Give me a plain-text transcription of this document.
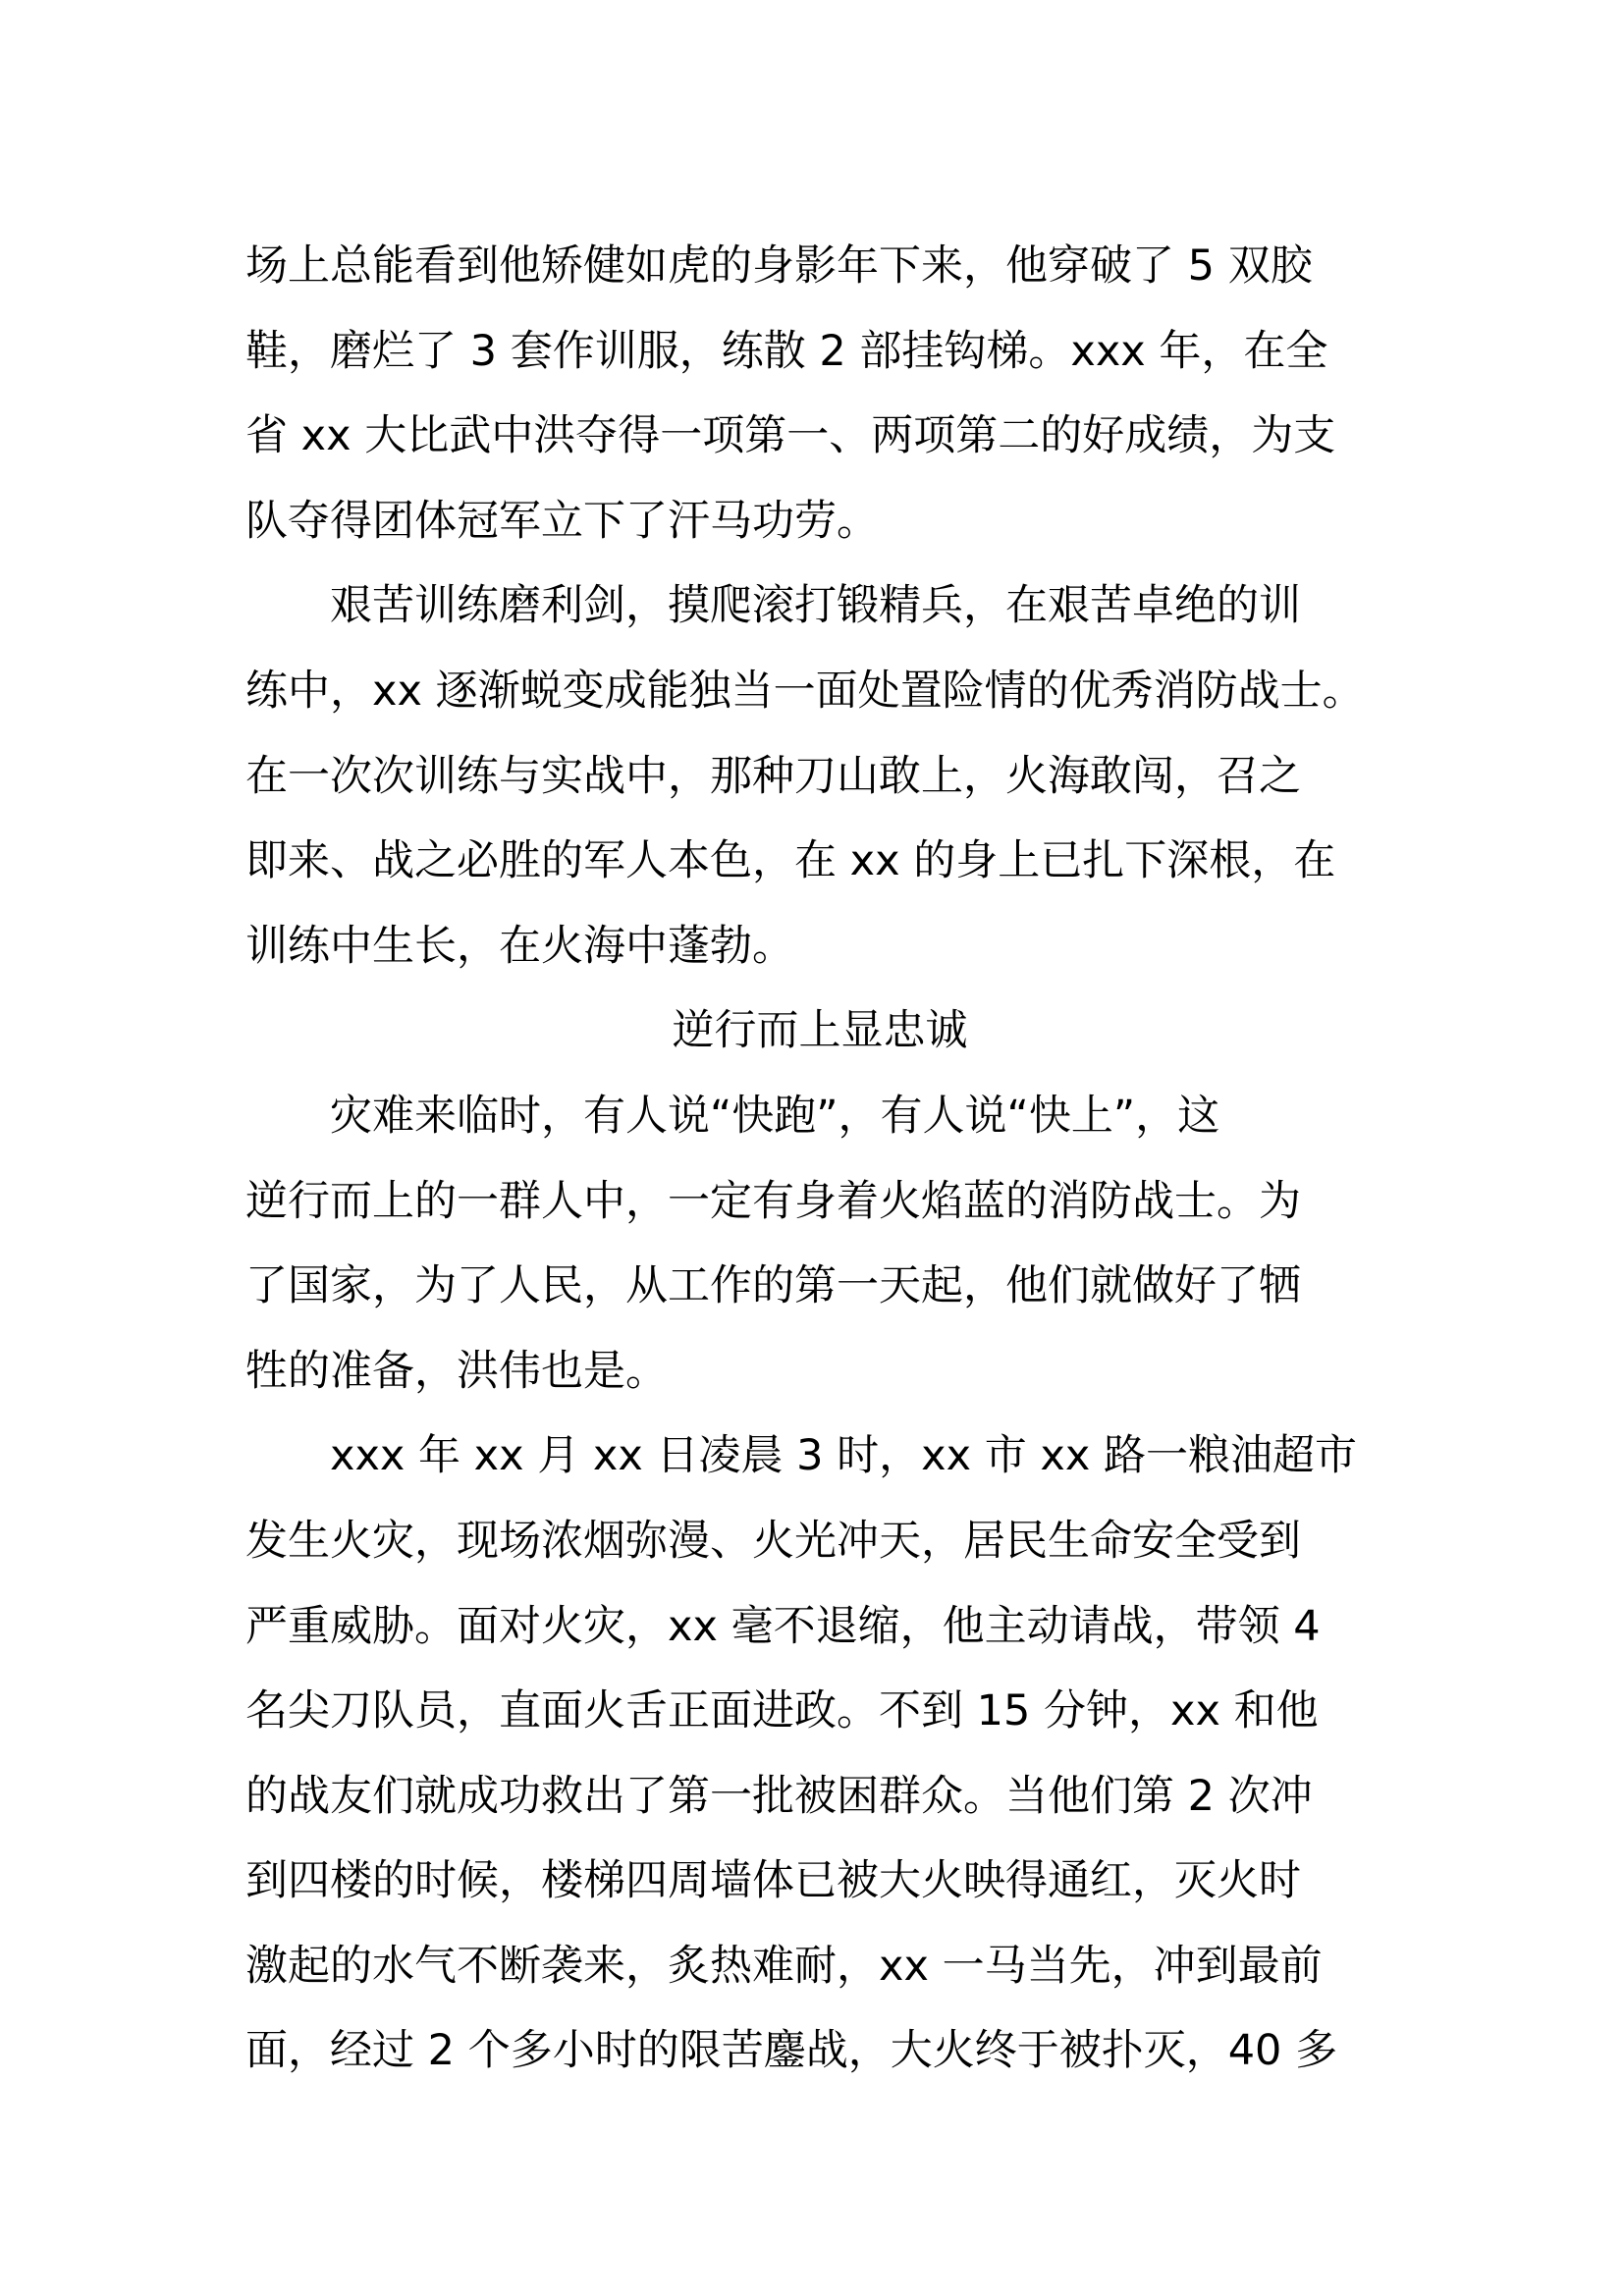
场上总能看到他矫健如虎的身影年下来，他穿破了 5 双胶
鞋，磨烂了 3 套作训服，练散 2 部挂钩梯。xxx 年，在全
省 xx 大比武中洪夺得一项第一、两项第二的好成绩，为支
队夺得团体冠军立下了汗马功劳。
艰苦训练磨利剑，摸爬滚打锻精兵，在艰苦卓绝的训
练中，xx 逐渐蜕变成能独当一面处置险情的优秀消防战士。
在一次次训练与实战中，那种刀山敢上，火海敢闯，召之
即来、战之必胜的军人本色，在 xx 的身上已扎下深根，在
训练中生长，在火海中蓬勃。
逆行而上显忠诚
灾难来临时，有人说“快跑”，有人说“快上”，这
逆行而上的一群人中，一定有身着火焰蓝的消防战士。为
了国家，为了人民，从工作的第一天起，他们就做好了牺
牲的准备，洪伟也是。
xxx 年 xx 月 xx 日凌晨 3 时，xx 市 xx 路一粮油超市
发生火灾，现场浓烟弥漫、火光冲天，居民生命安全受到
严重威胁。面对火灾，xx 毫不退缩，他主动请战，带领 4
名尖刀队员，直面火舌正面进政。不到 15 分钟，xx 和他
的战友们就成功救出了第一批被困群众。当他们第 2 次冲
到四楼的时候，楼梯四周墙体已被大火映得通红，灭火时
激起的水气不断袭来，炙热难耐，xx 一马当先，冲到最前
面，经过 2 个多小时的限苦鏖战，大火终于被扑灭，40 多
